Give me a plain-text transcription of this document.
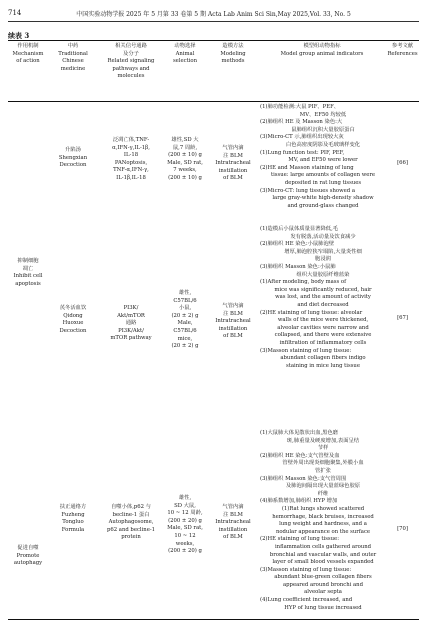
714	中国实验动物学报 2025 年 5 月第 33 卷第 5 期 Acta Lab Anim Sci Sin,May 2025,Vol. 33, No. 5
续表 3
作用机制
Mechanism
of action
中药
Traditional
Chinese
medicine
相关信号通路
及分子
Related signaling
pathways and
molecules
动物选择
Animal
selection
造模方法
Modeling
methods
模型组动物指标
Model group animal indicators
参考文献
References
抑制细胞
凋亡
Inhibit cell
apoptosis
促进自噬
Promote
autophagy
升陷汤
Shengxian
Decoction
泛凋亡体,TNF-
α,IFN-γ,IL-1β,
IL-18
PANoptosis,
TNF-α,IFN-γ,
IL-1β,IL-18
雄性,SD 大
鼠,7 周龄,
(200 ± 10) g
Male, SD rat,
7 weeks,
(200 ± 10) g
气管内滴
注 BLM
Intratracheal
instillation
of BLM
(1)肺功能检测:大鼠 PIF、PEF、
MV、EF50 均较低
(2)肺组织 HE 及 Masson 染色:大
鼠肺组织沉积大量胶原蛋白
(3)Micro-CT 示,肺组织出现较大灰
白色高密度阴影及毛玻璃样变化
(1)Lung function test: PIF, PEF,
MV, and EF50 were lower
(2)HE and Masson staining of lung
tissue: large amounts of collagen were
deposited in rat lung tissues
(3)Micro-CT: lung tissues showed a
large gray-white high-density shadow
and ground-glass changed
[66]
芪冬活血饮
Qidong
Huoxue
Decoction
PI3K/
Akt/mTOR
通路
PI3K/Akt/
mTOR pathway
雄性,
C57BL/6
小鼠,
(20 ± 2) g
Male,
C57BL/6
mice,
(20 ± 2) g
气管内滴
注 BLM
Intratracheal
instillation
of BLM
(1)造模后小鼠体质量显著降低,毛
发有脱落,活动量及饮食减少
(2)肺组织 HE 染色:小鼠肺泡壁
增厚,肺泡腔狭窄塌陷,大量炎性细
胞浸润
(3)肺组织 Masson 染色:小鼠肺
组织大量胶原纤维蓝染
(1)After modeling, body mass of
mice was significantly reduced, hair
was lost, and the amount of activity
and diet decreased
(2)HE staining of lung tissue: alveolar
walls of the mice were thickened,
alveolar cavities were narrow and
collapsed, and there were extensive
infiltration of inflammatory cells
(3)Masson staining of lung tissue:
abundant collagen fibers indigo
staining in mice lung tissue
[67]
扶正通络方
Fuzheng
Tongluo
Formula
自噬小体,p62 与
becline-1 蛋白
Autophagosome,
p62 and becline-1
protein
雄性,
SD 大鼠,
10 ~ 12 周龄,
(200 ± 20) g
Male, SD rat,
10 ~ 12
weeks,
(200 ± 20) g
气管内滴
注 BLM
Intratracheal
instillation
of BLM
(1)大鼠肺大体见散状出血,黑色磨
斑,肺重量及硬度增加,表面呈结
节样
(2)肺组织 HE 染色:支气管壁及血
管壁外周出现炎细胞聚集,外膜小血
管扩张
(3)肺组织 Masson 染色:支气管周围
及肺泡间隔出现大量蓝绿色胶原
纤维
(4)肺系数增加,肺组织 HYP 增加
(1)Rat lungs showed scattered
hemorrhage, black bruises, increased
lung weight and hardness, and a
nodular appearance on the surface
(2)HE staining of lung tissue:
inflammation cells gathered around
bronchial and vascular walls, and outer
layer of small blood vessels expanded
(3)Masson staining of lung tissue:
abundant blue-green collagen fibers
appeared around bronchi and
alveolar septa
(4)Lung coefficient increased, and
HYP of lung tissue increased
[70]
